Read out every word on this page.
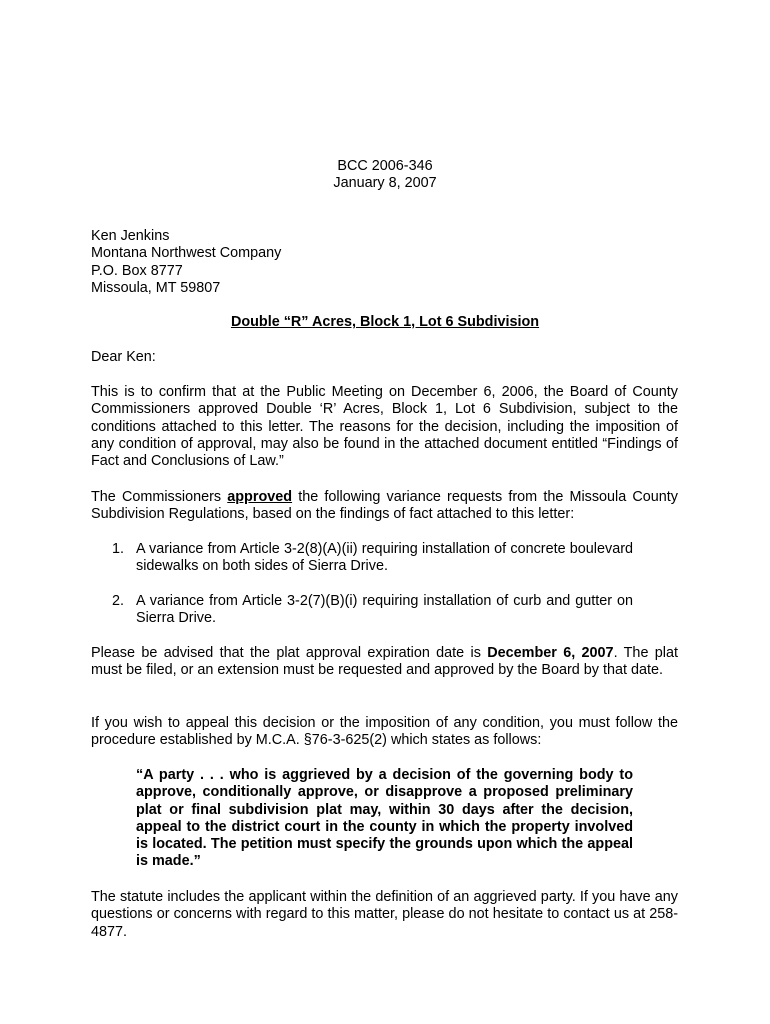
BCC 2006-346
January 8, 2007
Ken Jenkins
Montana Northwest Company
P.O. Box 8777
Missoula, MT 59807
Double “R” Acres, Block 1, Lot 6 Subdivision
Dear Ken:
This is to confirm that at the Public Meeting on December 6, 2006, the Board of County Commissioners approved Double ‘R’ Acres, Block 1, Lot 6 Subdivision, subject to the conditions attached to this letter. The reasons for the decision, including the imposition of any condition of approval, may also be found in the attached document entitled “Findings of Fact and Conclusions of Law.”
The Commissioners approved the following variance requests from the Missoula County Subdivision Regulations, based on the findings of fact attached to this letter:
1. A variance from Article 3-2(8)(A)(ii) requiring installation of concrete boulevard sidewalks on both sides of Sierra Drive.
2. A variance from Article 3-2(7)(B)(i) requiring installation of curb and gutter on Sierra Drive.
Please be advised that the plat approval expiration date is December 6, 2007. The plat must be filed, or an extension must be requested and approved by the Board by that date.
If you wish to appeal this decision or the imposition of any condition, you must follow the procedure established by M.C.A. §76-3-625(2) which states as follows:
“A party . . . who is aggrieved by a decision of the governing body to approve, conditionally approve, or disapprove a proposed preliminary plat or final subdivision plat may, within 30 days after the decision, appeal to the district court in the county in which the property involved is located. The petition must specify the grounds upon which the appeal is made.”
The statute includes the applicant within the definition of an aggrieved party. If you have any questions or concerns with regard to this matter, please do not hesitate to contact us at 258-4877.
